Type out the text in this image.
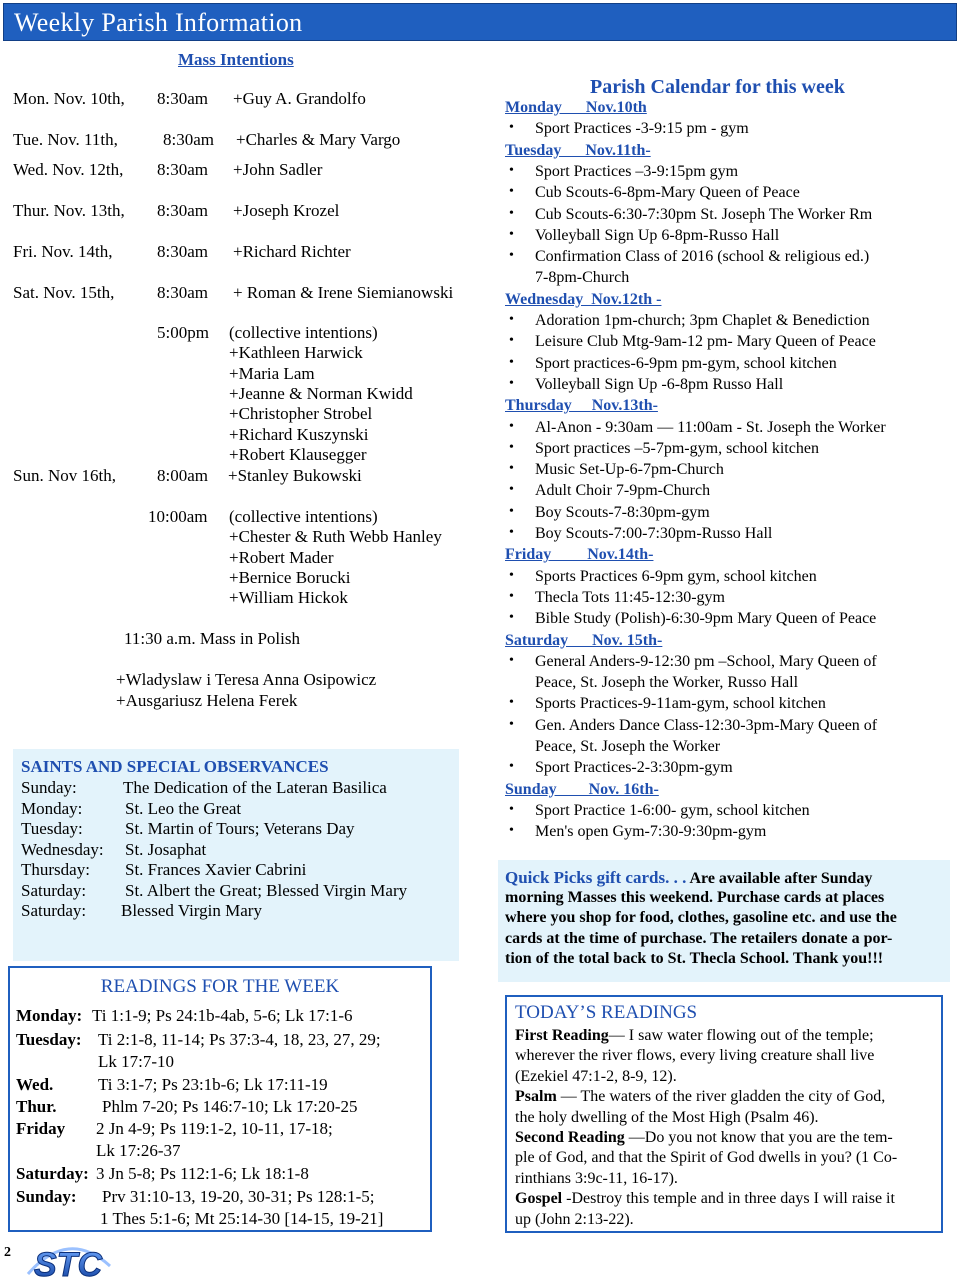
Weekly Parish Information
Mass Intentions
Mon. Nov. 10th, 8:30am +Guy A. Grandolfo
Tue. Nov. 11th,	8:30am +Charles & Mary Vargo
Wed. Nov. 12th, 8:30am +John Sadler
Thur. Nov. 13th, 8:30am +Joseph Krozel
Fri. Nov. 14th,	8:30am +Richard Richter
Sat. Nov. 15th,	8:30am + Roman & Irene Siemianowski
5:00pm (collective intentions)
+Kathleen Harwick
+Maria Lam
+Jeanne & Norman Kwidd
+Christopher Strobel
+Richard Kuszynski
+Robert Klausegger
Sun. Nov 16th, 8:00am +Stanley Bukowski
10:00am (collective intentions)
+Chester & Ruth Webb Hanley
+Robert Mader
+Bernice Borucki
+William Hickok
11:30 a.m. Mass in Polish
+Wladyslaw i Teresa Anna Osipowicz
+Ausgariusz Helena Ferek
SAINTS AND SPECIAL OBSERVANCES
Sunday:	The Dedication of the Lateran Basilica
Monday:	St. Leo the Great
Tuesday: St. Martin of Tours; Veterans Day
Wednesday: St. Josaphat
Thursday: St. Frances Xavier Cabrini
Saturday: St. Albert the Great; Blessed Virgin Mary
Saturday: Blessed Virgin Mary
READINGS FOR THE WEEK
Monday: Ti 1:1-9; Ps 24:1b-4ab, 5-6; Lk 17:1-6
Tuesday: Ti 2:1-8, 11-14; Ps 37:3-4, 18, 23, 27, 29;
Lk 17:7-10
Wed.	Ti 3:1-7; Ps 23:1b-6; Lk 17:11-19
Thur.	Phlm 7-20; Ps 146:7-10; Lk 17:20-25
Friday 2 Jn 4-9; Ps 119:1-2, 10-11, 17-18;
Lk 17:26-37
Saturday: 3 Jn 5-8; Ps 112:1-6; Lk 18:1-8
Sunday: Prv 31:10-13, 19-20, 30-31; Ps 128:1-5;
1 Thes 5:1-6; Mt 25:14-30 [14-15, 19-21]
Parish Calendar for this week
Monday      Nov.10th
Sport Practices -3-9:15 pm - gym
•
Tuesday      Nov.11th-
Sport Practices –3-9:15pm gym
•
Cub Scouts-6-8pm-Mary Queen of Peace
•
Cub Scouts-6:30-7:30pm St. Joseph The Worker Rm
•
Volleyball Sign Up 6-8pm-Russo Hall
•
Confirmation Class of 2016 (school & religious ed.)
•
7-8pm-Church
Wednesday  Nov.12th -
Adoration 1pm-church; 3pm Chaplet & Benediction
•
Leisure Club Mtg-9am-12 pm- Mary Queen of Peace
•
Sport practices-6-9pm pm-gym, school kitchen
•
Volleyball Sign Up -6-8pm Russo Hall
•
Thursday     Nov.13th-
Al-Anon - 9:30am — 11:00am - St. Joseph the Worker
•
Sport practices –5-7pm-gym, school kitchen
•
Music Set-Up-6-7pm-Church
•
Adult Choir 7-9pm-Church
•
Boy Scouts-7-8:30pm-gym
•
Boy Scouts-7:00-7:30pm-Russo Hall
•
Friday         Nov.14th-
Sports Practices 6-9pm gym, school kitchen
•
Thecla Tots 11:45-12:30-gym
•
Bible Study (Polish)-6:30-9pm Mary Queen of Peace
•
Saturday      Nov. 15th-
General Anders-9-12:30 pm –School, Mary Queen of
•
Peace, St. Joseph the Worker, Russo Hall
Sports Practices-9-11am-gym, school kitchen
•
Gen. Anders Dance Class-12:30-3pm-Mary Queen of
•
Peace, St. Joseph the Worker
Sport Practices-2-3:30pm-gym
•
Sunday        Nov. 16th-
Sport Practice 1-6:00- gym, school kitchen
•
Men's open Gym-7:30-9:30pm-gym
•
Quick Picks gift cards. . . Are available after Sunday
morning Masses this weekend. Purchase cards at places
where you shop for food, clothes, gasoline etc. and use the
cards at the time of purchase. The retailers donate a por-
tion of the total back to St. Thecla School. Thank you!!!
TODAY’S READINGS
First Reading— I saw water flowing out of the temple;
wherever the river flows, every living creature shall live
(Ezekiel 47:1-2, 8-9, 12).
Psalm — The waters of the river gladden the city of God,
the holy dwelling of the Most High (Psalm 46).
Second Reading —Do you not know that you are the tem-
ple of God, and that the Spirit of God dwells in you? (1 Co-
rinthians 3:9c-11, 16-17).
Gospel -Destroy this temple and in three days I will raise it
up (John 2:13-22).
2 STC
